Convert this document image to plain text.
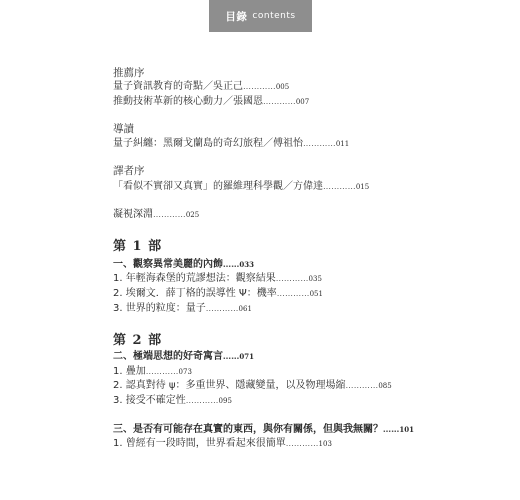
目錄 contents
推薦序
量子資訊教育的奇點／吳正己…………005
推動技術革新的核心動力／張國恩…………007
導讀
量子糾纏：黑爾戈蘭島的奇幻旅程／傅祖怡…………011
譯者序
「看似不實卻又真實」的羅維理科學觀／方偉達…………015
凝視深淵…………025
第 1 部
一、觀察異常美麗的內飾……033
1. 年輕海森堡的荒謬想法：觀察結果…………035
2. 埃爾文．薛丁格的誤導性 Ψ：機率…………051
3. 世界的粒度：量子…………061
第 2 部
二、極端思想的好奇寓言……071
1. 疊加…………073
2. 認真對待 ψ：多重世界、隱藏變量，以及物理場縮…………085
3. 接受不確定性…………095
三、是否有可能存在真實的東西，與你有關係，但與我無關？……101
1. 曾經有一段時間，世界看起來很簡單…………103
